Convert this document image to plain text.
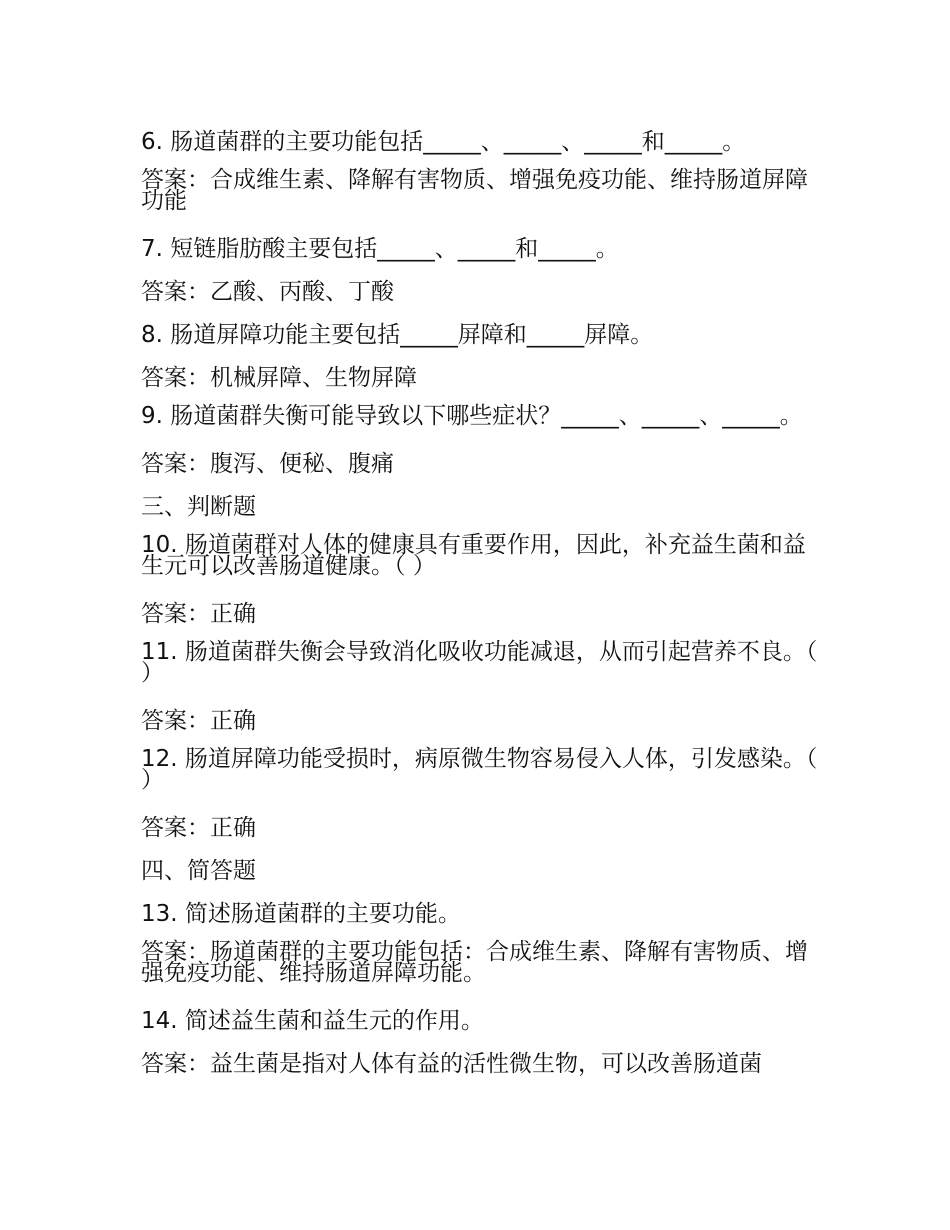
6. 肠道菌群的主要功能包括_____、_____、_____和_____。

答案：合成维生素、降解有害物质、增强免疫功能、维持肠道屏障功能

7. 短链脂肪酸主要包括_____、_____和_____。

答案：乙酸、丙酸、丁酸

8. 肠道屏障功能主要包括_____屏障和_____屏障。

答案：机械屏障、生物屏障

9. 肠道菌群失衡可能导致以下哪些症状？_____、_____、_____。

答案：腹泻、便秘、腹痛

三、判断题

10. 肠道菌群对人体的健康具有重要作用，因此，补充益生菌和益生元可以改善肠道健康。（ ）

答案：正确

11. 肠道菌群失衡会导致消化吸收功能减退，从而引起营养不良。（ ）

答案：正确

12. 肠道屏障功能受损时，病原微生物容易侵入人体，引发感染。（ ）

答案：正确

四、简答题

13. 简述肠道菌群的主要功能。

答案：肠道菌群的主要功能包括：合成维生素、降解有害物质、增强免疫功能、维持肠道屏障功能。

14. 简述益生菌和益生元的作用。

答案：益生菌是指对人体有益的活性微生物，可以改善肠道菌
